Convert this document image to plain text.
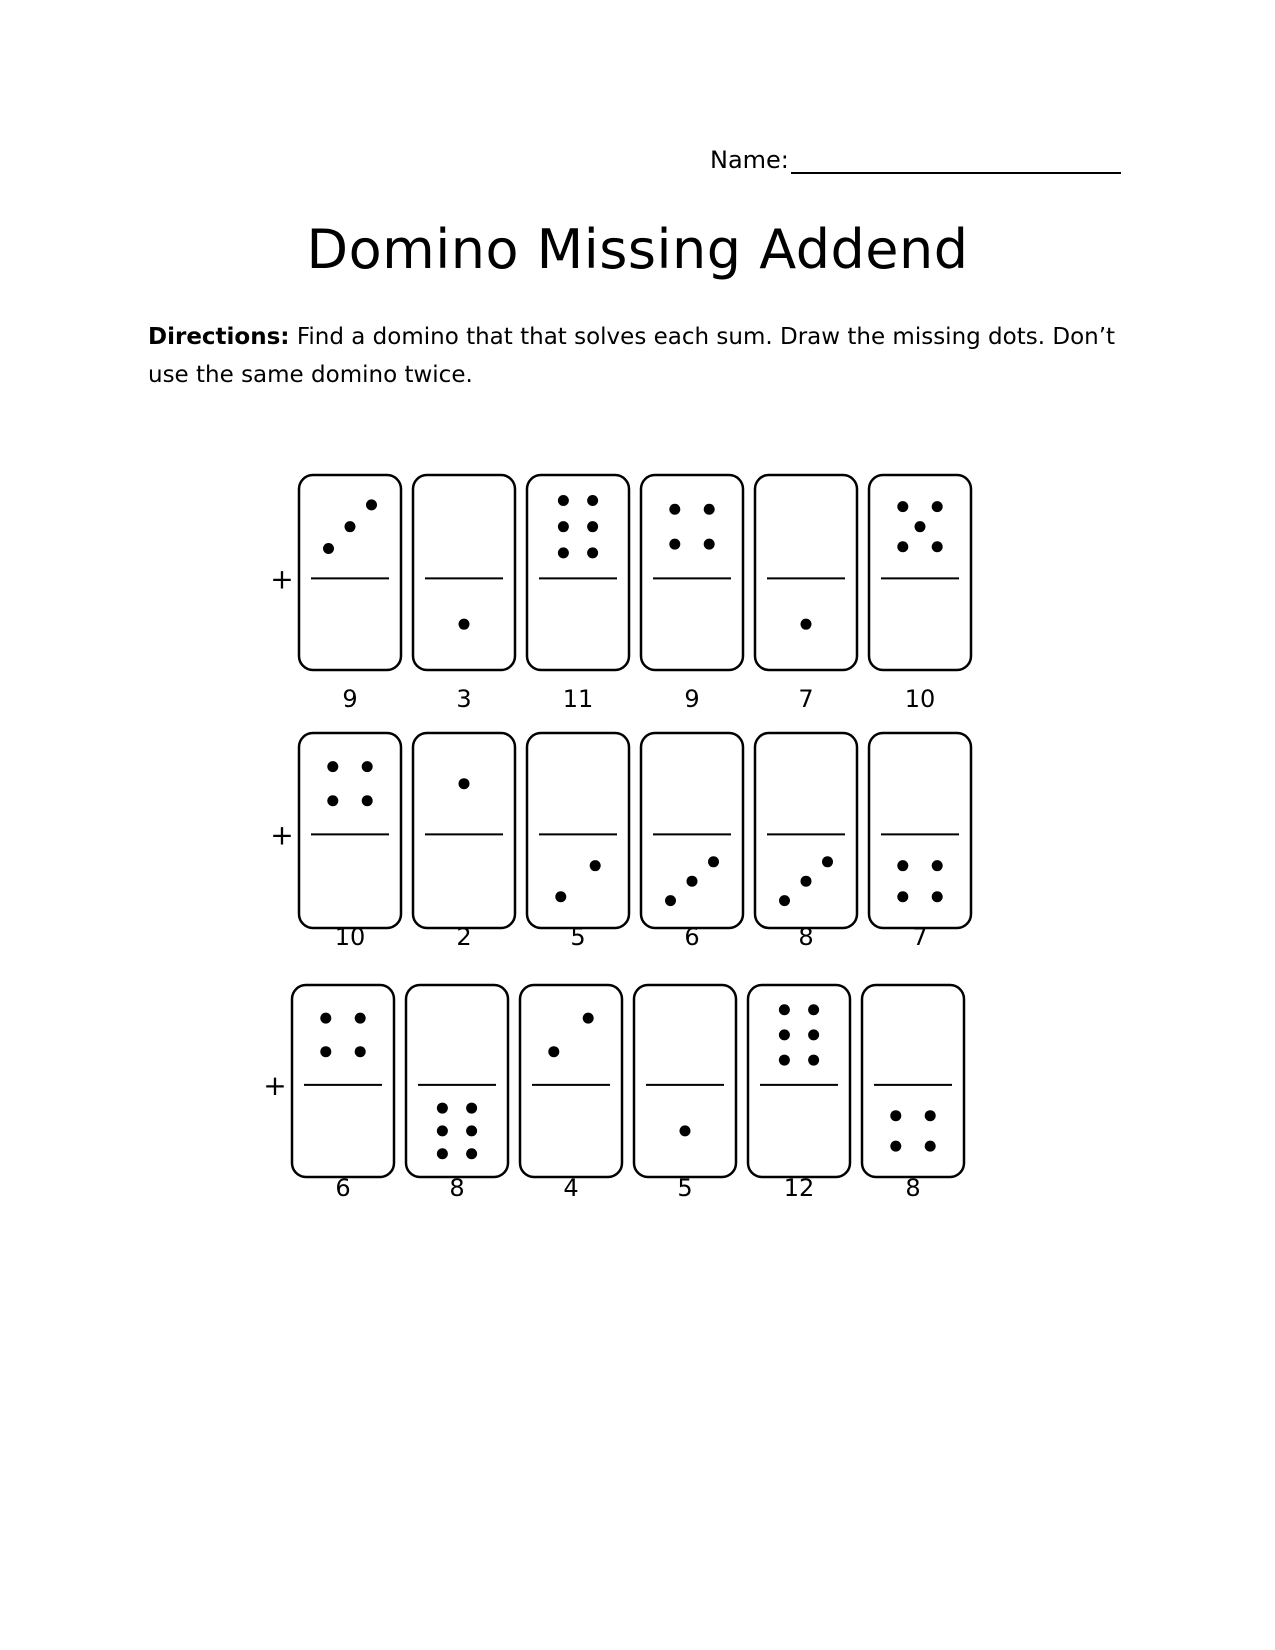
Name:
Domino Missing Addend
Directions: Find a domino that that solves each sum. Draw the missing dots. Don’t use the same domino twice.
+
9	3	11	9	7	10
+
10	2	5	6	8	7
+
6	8	4	5	12	8
